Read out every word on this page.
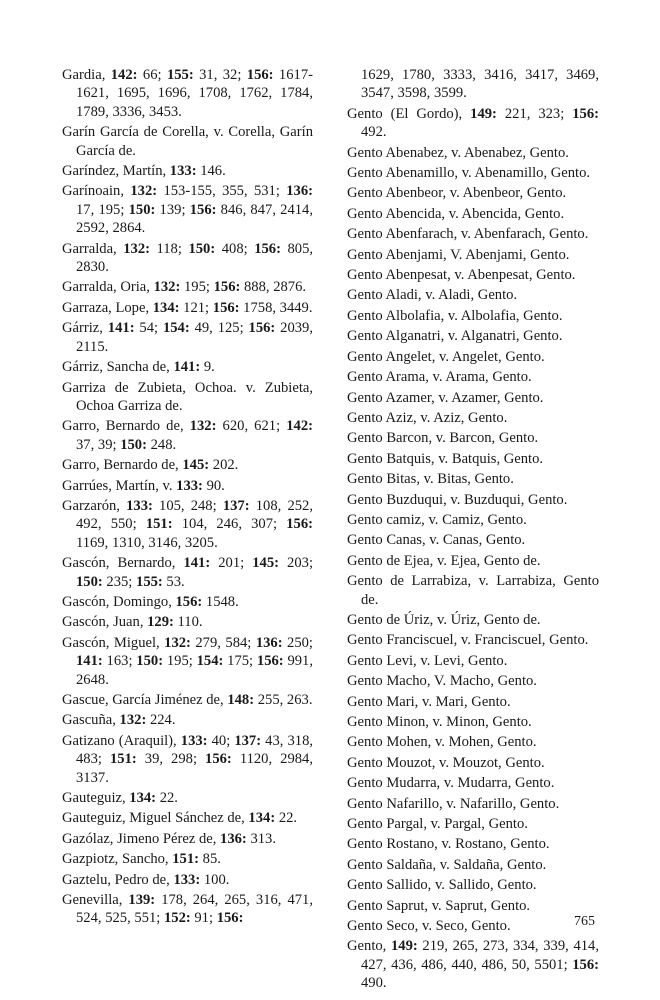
Gardia, 142: 66; 155: 31, 32; 156: 1617-1621, 1695, 1696, 1708, 1762, 1784, 1789, 3336, 3453.
Garín García de Corella, v. Corella, Garín García de.
Garíndez, Martín, 133: 146.
Garínoain, 132: 153-155, 355, 531; 136: 17, 195; 150: 139; 156: 846, 847, 2414, 2592, 2864.
Garralda, 132: 118; 150: 408; 156: 805, 2830.
Garralda, Oria, 132: 195; 156: 888, 2876.
Garraza, Lope, 134: 121; 156: 1758, 3449.
Gárriz, 141: 54; 154: 49, 125; 156: 2039, 2115.
Gárriz, Sancha de, 141: 9.
Garriza de Zubieta, Ochoa. v. Zubieta, Ochoa Garriza de.
Garro, Bernardo de, 132: 620, 621; 142: 37, 39; 150: 248.
Garro, Bernardo de, 145: 202.
Garrúes, Martín, v. 133: 90.
Garzarón, 133: 105, 248; 137: 108, 252, 492, 550; 151: 104, 246, 307; 156: 1169, 1310, 3146, 3205.
Gascón, Bernardo, 141: 201; 145: 203; 150: 235; 155: 53.
Gascón, Domingo, 156: 1548.
Gascón, Juan, 129: 110.
Gascón, Miguel, 132: 279, 584; 136: 250; 141: 163; 150: 195; 154: 175; 156: 991, 2648.
Gascue, García Jiménez de, 148: 255, 263.
Gascuña, 132: 224.
Gatizano (Araquil), 133: 40; 137: 43, 318, 483; 151: 39, 298; 156: 1120, 2984, 3137.
Gauteguiz, 134: 22.
Gauteguiz, Miguel Sánchez de, 134: 22.
Gazólaz, Jimeno Pérez de, 136: 313.
Gazpiotz, Sancho, 151: 85.
Gaztelu, Pedro de, 133: 100.
Genevilla, 139: 178, 264, 265, 316, 471, 524, 525, 551; 152: 91; 156:
1629, 1780, 3333, 3416, 3417, 3469, 3547, 3598, 3599.
Gento (El Gordo), 149: 221, 323; 156: 492.
Gento Abenabez, v. Abenabez, Gento.
Gento Abenamillo, v. Abenamillo, Gento.
Gento Abenbeor, v. Abenbeor, Gento.
Gento Abencida, v. Abencida, Gento.
Gento Abenfarach, v. Abenfarach, Gento.
Gento Abenjami, V. Abenjami, Gento.
Gento Abenpesat, v. Abenpesat, Gento.
Gento Aladi, v. Aladi, Gento.
Gento Albolafia, v. Albolafia, Gento.
Gento Alganatri, v. Alganatri, Gento.
Gento Angelet, v. Angelet, Gento.
Gento Arama, v. Arama, Gento.
Gento Azamer, v. Azamer, Gento.
Gento Aziz, v. Aziz, Gento.
Gento Barcon, v. Barcon, Gento.
Gento Batquis, v. Batquis, Gento.
Gento Bitas, v. Bitas, Gento.
Gento Buzduqui, v. Buzduqui, Gento.
Gento camiz, v. Camiz, Gento.
Gento Canas, v. Canas, Gento.
Gento de Ejea, v. Ejea, Gento de.
Gento de Larrabiza, v. Larrabiza, Gento de.
Gento de Úriz, v. Úriz, Gento de.
Gento Franciscuel, v. Franciscuel, Gento.
Gento Levi, v. Levi, Gento.
Gento Macho, V. Macho, Gento.
Gento Mari, v. Mari, Gento.
Gento Minon, v. Minon, Gento.
Gento Mohen, v. Mohen, Gento.
Gento Mouzot, v. Mouzot, Gento.
Gento Mudarra, v. Mudarra, Gento.
Gento Nafarillo, v. Nafarillo, Gento.
Gento Pargal, v. Pargal, Gento.
Gento Rostano, v. Rostano, Gento.
Gento Saldaña, v. Saldaña, Gento.
Gento Sallido, v. Sallido, Gento.
Gento Saprut, v. Saprut, Gento.
Gento Seco, v. Seco, Gento.
Gento, 149: 219, 265, 273, 334, 339, 414, 427, 436, 486, 440, 486, 50, 5501; 156: 490.
765
